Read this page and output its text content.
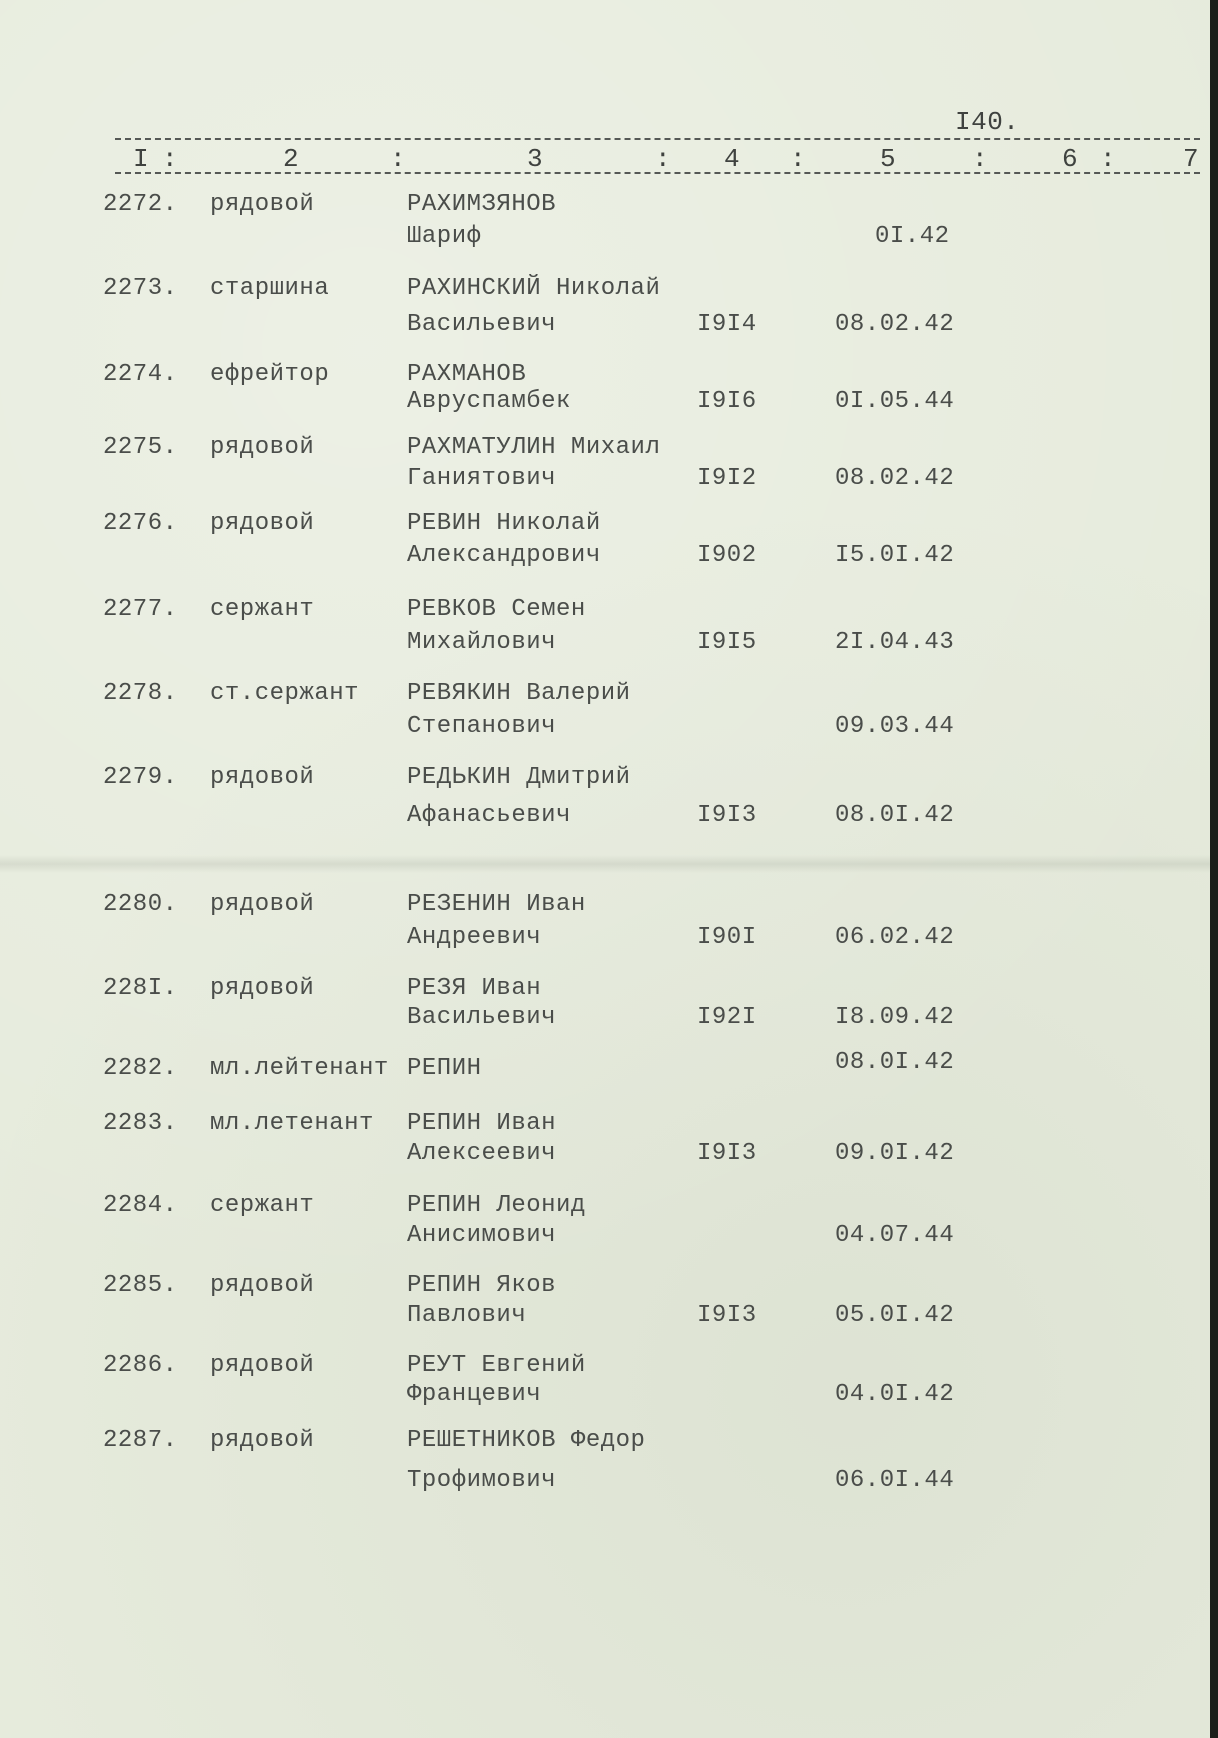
I40.
I :	2	:	3	: 4 :	5	:	6 :	7
2272. рядовой	РАХИМЗЯНОВ
Шариф	0I.42
2273. старшина	РАХИНСКИЙ Николай
Васильевич	I9I4	08.02.42
2274. ефрейтор	РАХМАНОВ
Авруспамбек	I9I6	0I.05.44
2275. рядовой	РАХМАТУЛИН Михаил
Ганиятович	I9I2	08.02.42
2276. рядовой	РЕВИН Николай
Александрович	I902	I5.0I.42
2277. сержант	РЕВКОВ Семен
Михайлович	I9I5	2I.04.43
2278. ст.сержант РЕВЯКИН Валерий
Степанович	09.03.44
2279. рядовой	РЕДЬКИН Дмитрий
Афанасьевич	I9I3	08.0I.42
2280. рядовой	РЕЗЕНИН Иван
Андреевич	I90I	06.02.42
228I. рядовой	РЕЗЯ Иван
Васильевич	I92I	I8.09.42
2282. мл.лейтенант РЕПИН	08.0I.42
2283. мл.летенант РЕПИН Иван
Алексеевич	I9I3	09.0I.42
2284. сержант	РЕПИН Леонид
Анисимович	04.07.44
2285. рядовой	РЕПИН Яков
Павлович	I9I3	05.0I.42
2286. рядовой	РЕУТ Евгений
Францевич	04.0I.42
2287. рядовой	РЕШЕТНИКОВ Федор
Трофимович	06.0I.44
